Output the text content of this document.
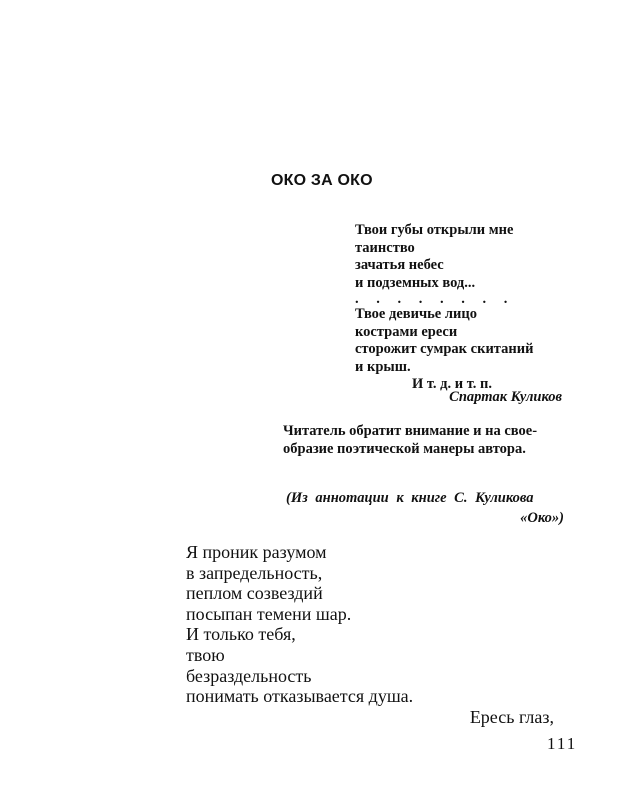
ОКО ЗА ОКО
Твои губы открыли мне
таинство
зачатья небес
и подземных вод...
. . . . . . . .
Твое девичье лицо
кострами ереси
сторожит сумрак скитаний
и крыш.
И т. д. и т. п.
Спартак Куликов
Читатель обратит внимание и на свое-
образие поэтической манеры автора.
(Из аннотации к книге С. Куликова
«Око»)
Я проник разумом
в запредельность,
пеплом созвездий
посыпан темени шар.
И только тебя,
твою
безраздельность
понимать отказывается душа.
Ересь глаз,
111
